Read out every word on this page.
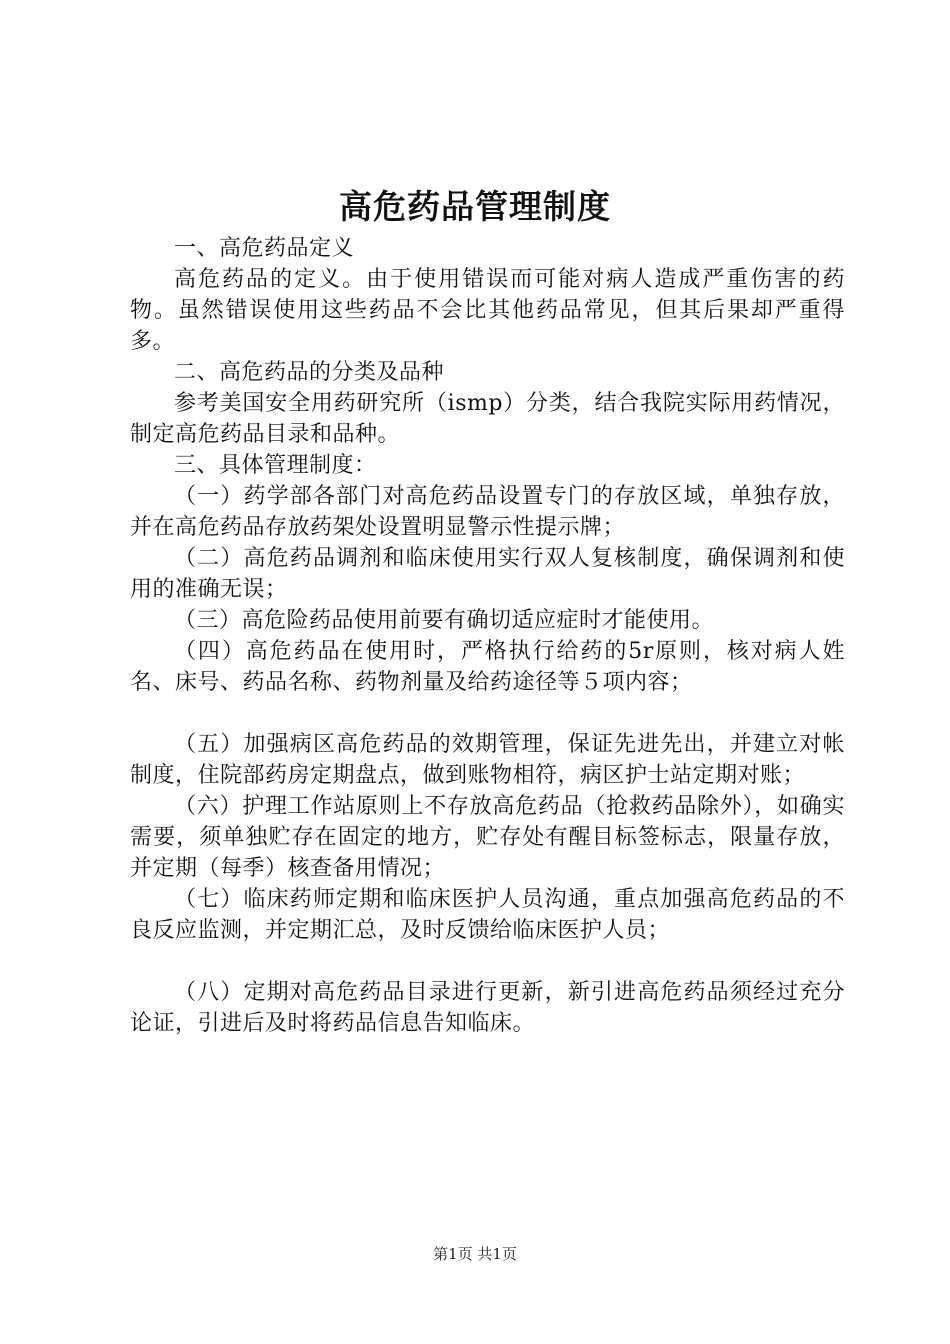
高危药品管理制度

一、高危药品定义

高危药品的定义。由于使用错误而可能对病人造成严重伤害的药物。虽然错误使用这些药品不会比其他药品常见，但其后果却严重得多。

二、高危药品的分类及品种

参考美国安全用药研究所（ismp）分类，结合我院实际用药情况，制定高危药品目录和品种。

三、具体管理制度：

（一）药学部各部门对高危药品设置专门的存放区域，单独存放，并在高危药品存放药架处设置明显警示性提示牌；

（二）高危药品调剂和临床使用实行双人复核制度，确保调剂和使用的准确无误；

（三）高危险药品使用前要有确切适应症时才能使用。

（四）高危药品在使用时，严格执行给药的5r原则，核对病人姓名、床号、药品名称、药物剂量及给药途径等５项内容；

（五）加强病区高危药品的效期管理，保证先进先出，并建立对帐制度，住院部药房定期盘点，做到账物相符，病区护士站定期对账；

（六）护理工作站原则上不存放高危药品（抢救药品除外），如确实需要，须单独贮存在固定的地方，贮存处有醒目标签标志，限量存放，并定期（每季）核查备用情况；

（七）临床药师定期和临床医护人员沟通，重点加强高危药品的不良反应监测，并定期汇总，及时反馈给临床医护人员；

（八）定期对高危药品目录进行更新，新引进高危药品须经过充分论证，引进后及时将药品信息告知临床。

第1页 共1页
